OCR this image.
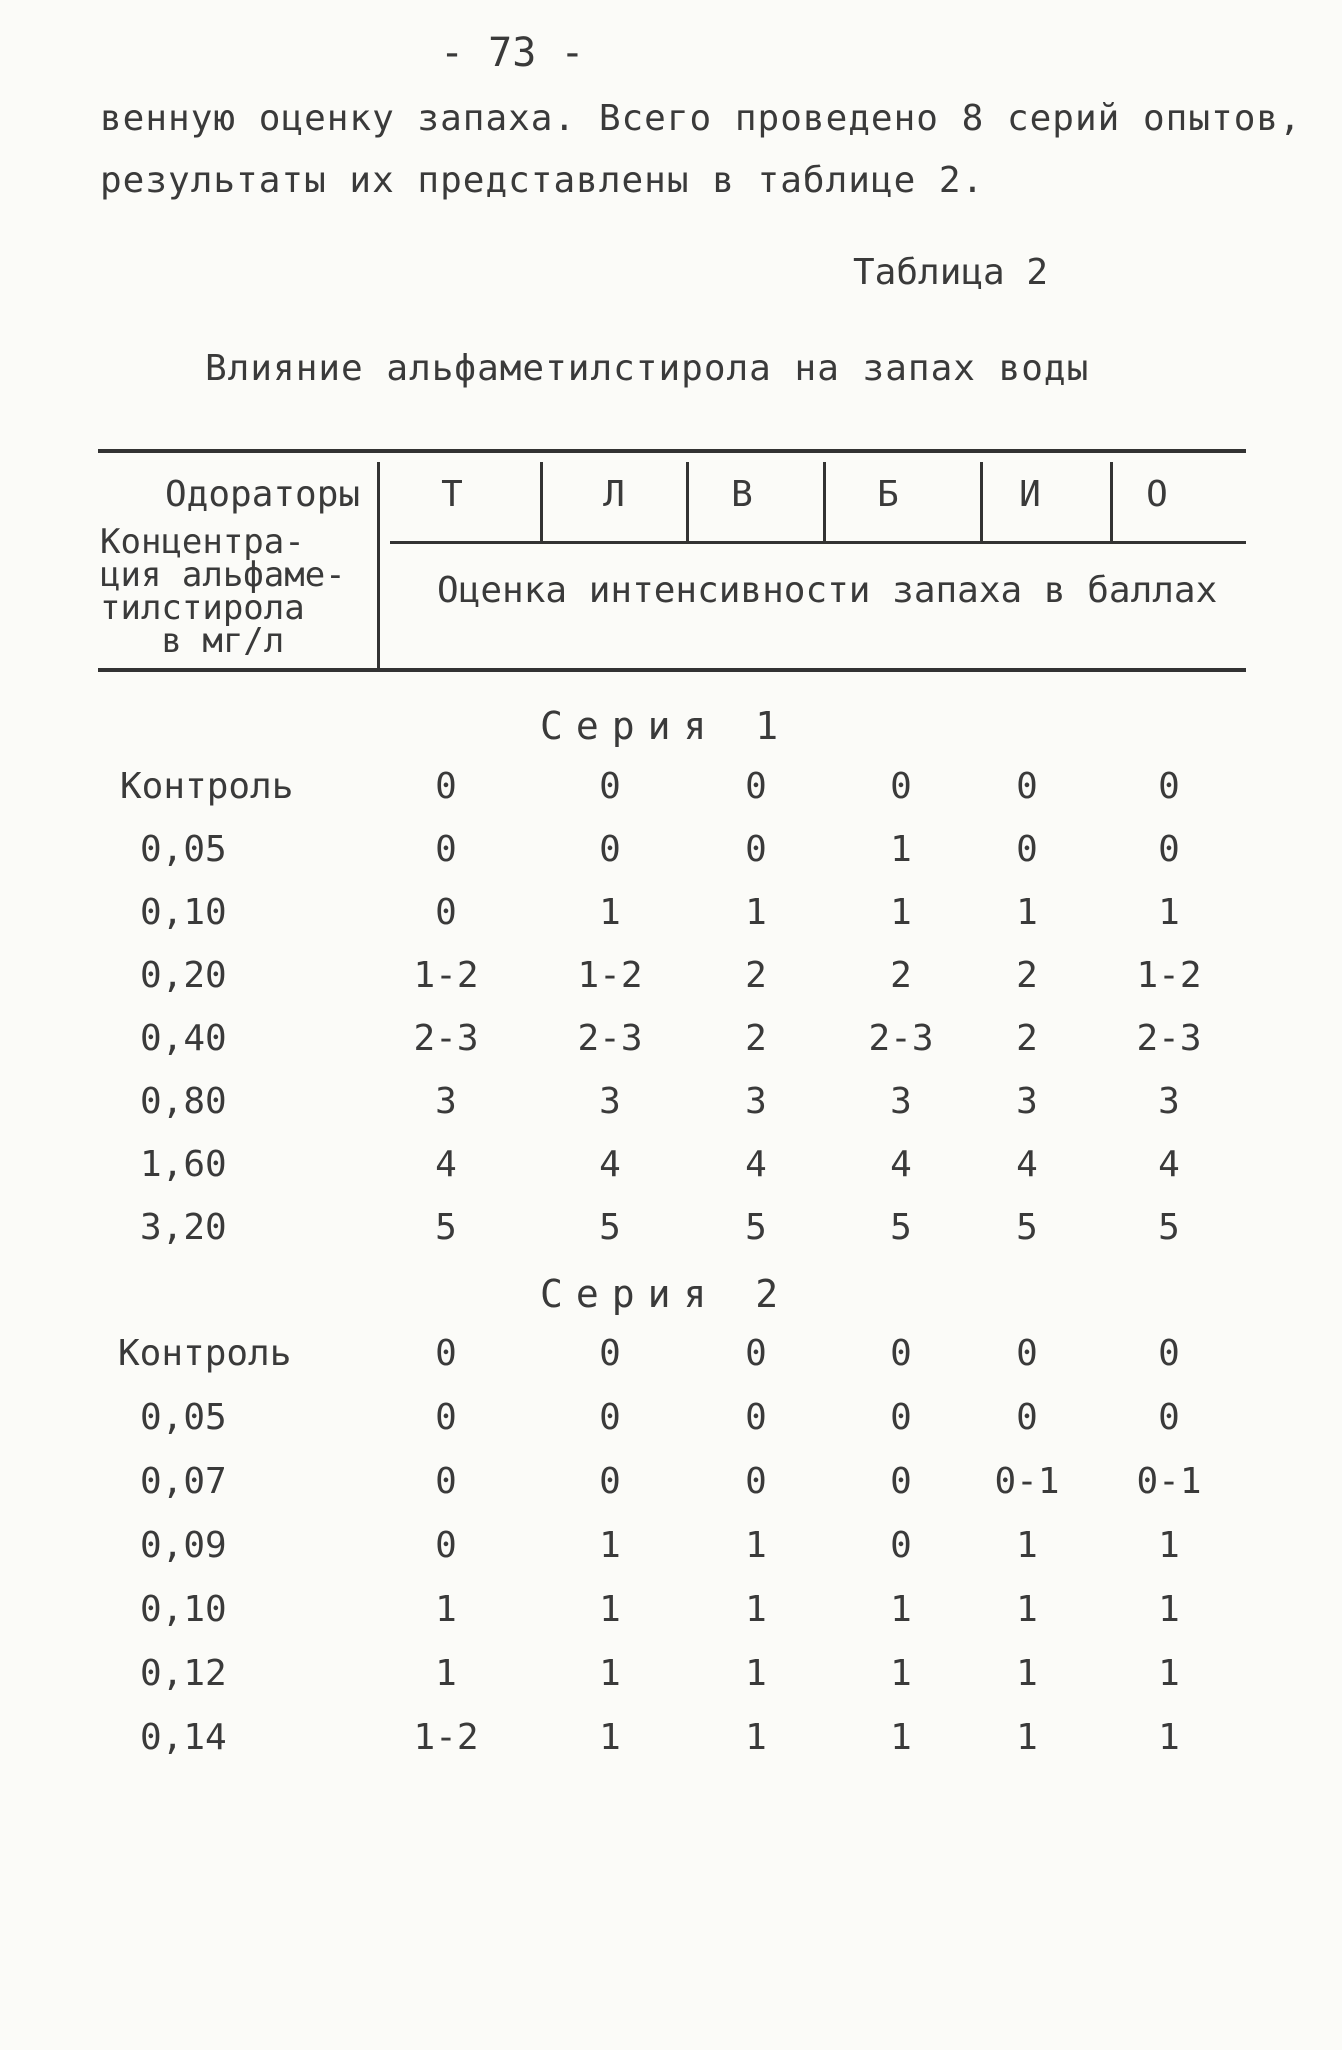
- 73 -
венную оценку запаха. Всего проведено 8 серий опытов,
результаты их представлены в таблице 2.
Таблица 2
Влияние альфаметилстирола на запах воды
Одораторы	Т	Л	В	Б	И	О
Концентра-
ция альфаме-
тилстирола
в мг/л
Оценка интенсивности запаха в баллах
Серия 1
Контроль	0	0	0	0	0	0
0,05	0	0	0	1	0	0
0,10	0	1	1	1	1	1
0,20	1-2	1-2	2	2	2	1-2
0,40	2-3	2-3	2	2-3	2	2-3
0,80	3	3	3	3	3	3
1,60	4	4	4	4	4	4
3,20	5	5	5	5	5	5
Серия 2
Контроль	0	0	0	0	0	0
0,05	0	0	0	0	0	0
0,07	0	0	0	0	0-1	0-1
0,09	0	1	1	0	1	1
0,10	1	1	1	1	1	1
0,12	1	1	1	1	1	1
0,14	1-2	1	1	1	1	1
